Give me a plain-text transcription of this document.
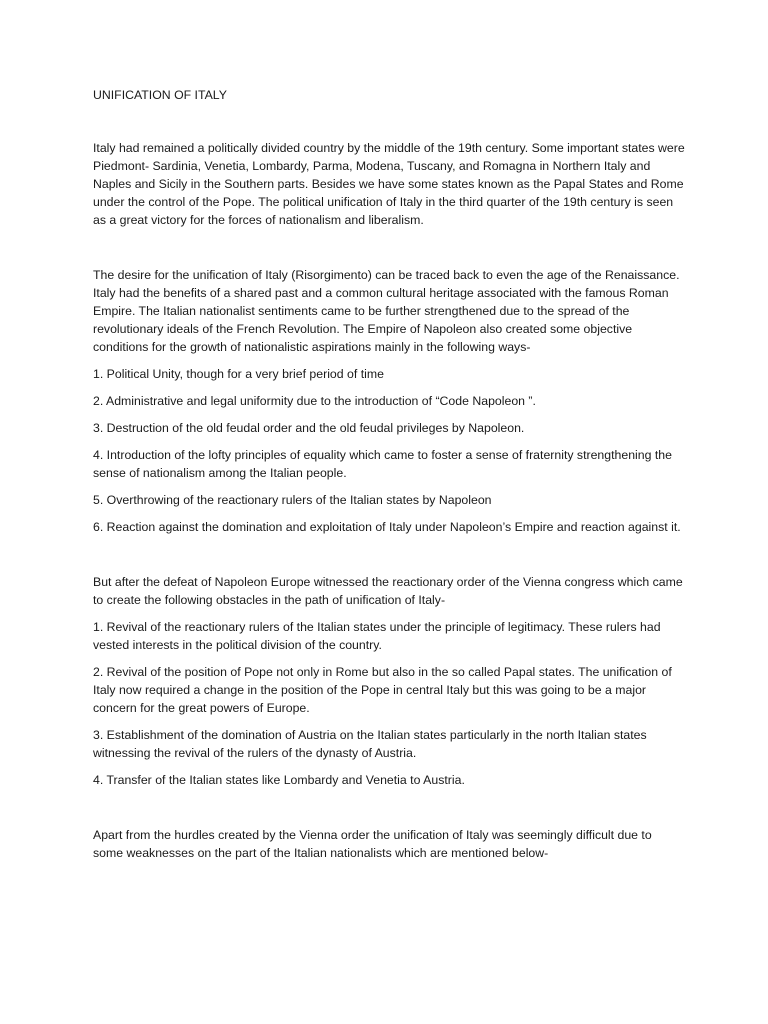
UNIFICATION OF ITALY

Italy had remained a politically divided country by the middle of the 19th century. Some important states were Piedmont- Sardinia, Venetia, Lombardy, Parma, Modena, Tuscany, and Romagna in Northern Italy and Naples and Sicily in the Southern parts. Besides we have some states known as the Papal States and Rome under the control of the Pope. The political unification of Italy in the third quarter of the 19th century is seen as a great victory for the forces of nationalism and liberalism.

The desire for the unification of Italy (Risorgimento) can be traced back to even the age of the Renaissance. Italy had the benefits of a shared past and a common cultural heritage associated with the famous Roman Empire. The Italian nationalist sentiments came to be further strengthened due to the spread of the revolutionary ideals of the French Revolution. The Empire of Napoleon also created some objective conditions for the growth of nationalistic aspirations mainly in the following ways-

1. Political Unity, though for a very brief period of time

2. Administrative and legal uniformity due to the introduction of “Code Napoleon ”.

3. Destruction of the old feudal order and the old feudal privileges by Napoleon.

4. Introduction of the lofty principles of equality which came to foster a sense of fraternity strengthening the sense of nationalism among the Italian people.

5. Overthrowing of the reactionary rulers of the Italian states by Napoleon

6. Reaction against the domination and exploitation of Italy under Napoleon’s Empire and reaction against it.

But after the defeat of Napoleon Europe witnessed the reactionary order of the Vienna congress which came to create the following obstacles in the path of unification of Italy-

1. Revival of the reactionary rulers of the Italian states under the principle of legitimacy. These rulers had vested interests in the political division of the country.

2. Revival of the position of Pope not only in Rome but also in the so called Papal states. The unification of Italy now required a change in the position of the Pope in central Italy but this was going to be a major concern for the great powers of Europe.

3. Establishment of the domination of Austria on the Italian states particularly in the north Italian states witnessing the revival of the rulers of the dynasty of Austria.

4. Transfer of the Italian states like Lombardy and Venetia to Austria.

Apart from the hurdles created by the Vienna order the unification of Italy was seemingly difficult due to some weaknesses on the part of the Italian nationalists which are mentioned below-
